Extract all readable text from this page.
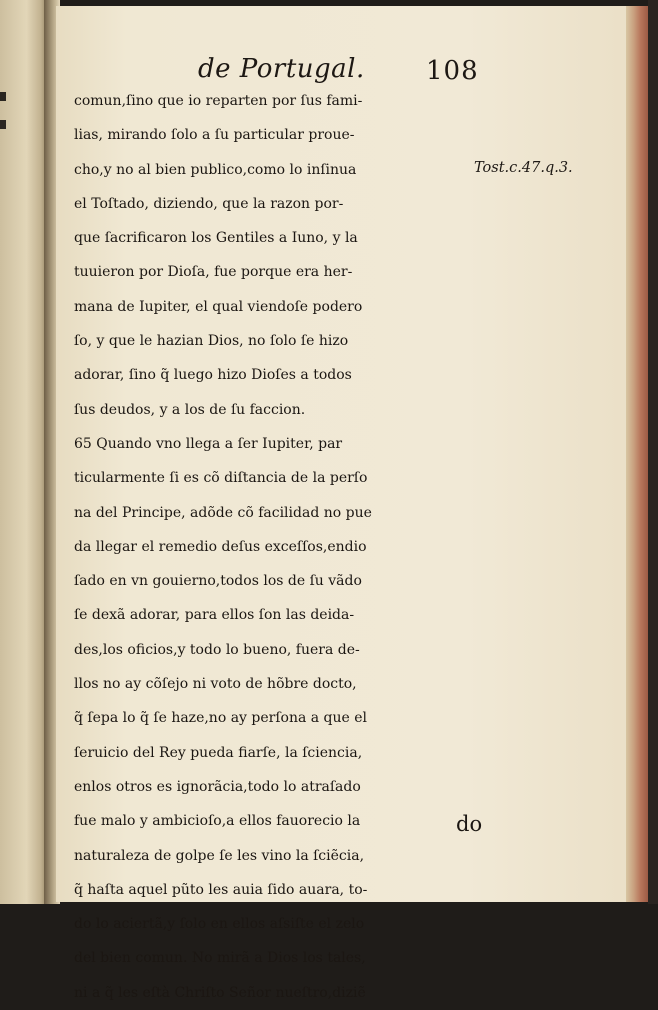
de Portugal. 108
comun,ſino que io reparten por ſus fami-
lias, mirando ſolo a ſu particular proue-
cho,y no al bien publico,como lo inſinua
el Toſtado, diziendo, que la razon por-
que ſacrificaron los Gentiles a Iuno, y la
tuuieron por Dioſa, fue porque era her-
mana de Iupiter, el qual viendoſe podero
ſo, y que le hazian Dios, no ſolo ſe hizo
adorar, ſino q̃ luego hizo Dioſes a todos
ſus deudos, y a los de ſu faccion.
65 Quando vno llega a ſer Iupiter, par
ticularmente ſi es cõ diſtancia de la perſo
na del Principe, adõde cõ facilidad no pue
da llegar el remedio deſus exceſſos,endio
ſado en vn gouierno,todos los de ſu vãdo
ſe dexã adorar, para ellos ſon las deida-
des,los oficios,y todo lo bueno, fuera de-
llos no ay cõſejo ni voto de hõbre docto,
q̃ ſepa lo q̃ ſe haze,no ay perſona a que el
ſeruicio del Rey pueda fiarſe, la ſciencia,
enlos otros es ignorãcia,todo lo atraſado
fue malo y ambicioſo,a ellos fauorecio la
naturaleza de golpe ſe les vino la ſciẽcia,
q̃ haſta aquel pũto les auia ſido auara, to-
do lo aciertã,y ſolo en ellos aſsiſte el zelo
del bien comun. No mirã a Dios los tales,
ni a q̃ les eſtà Chriſto Señor nueſtro,diziẽ
Tost.c.47.q.3.
do
